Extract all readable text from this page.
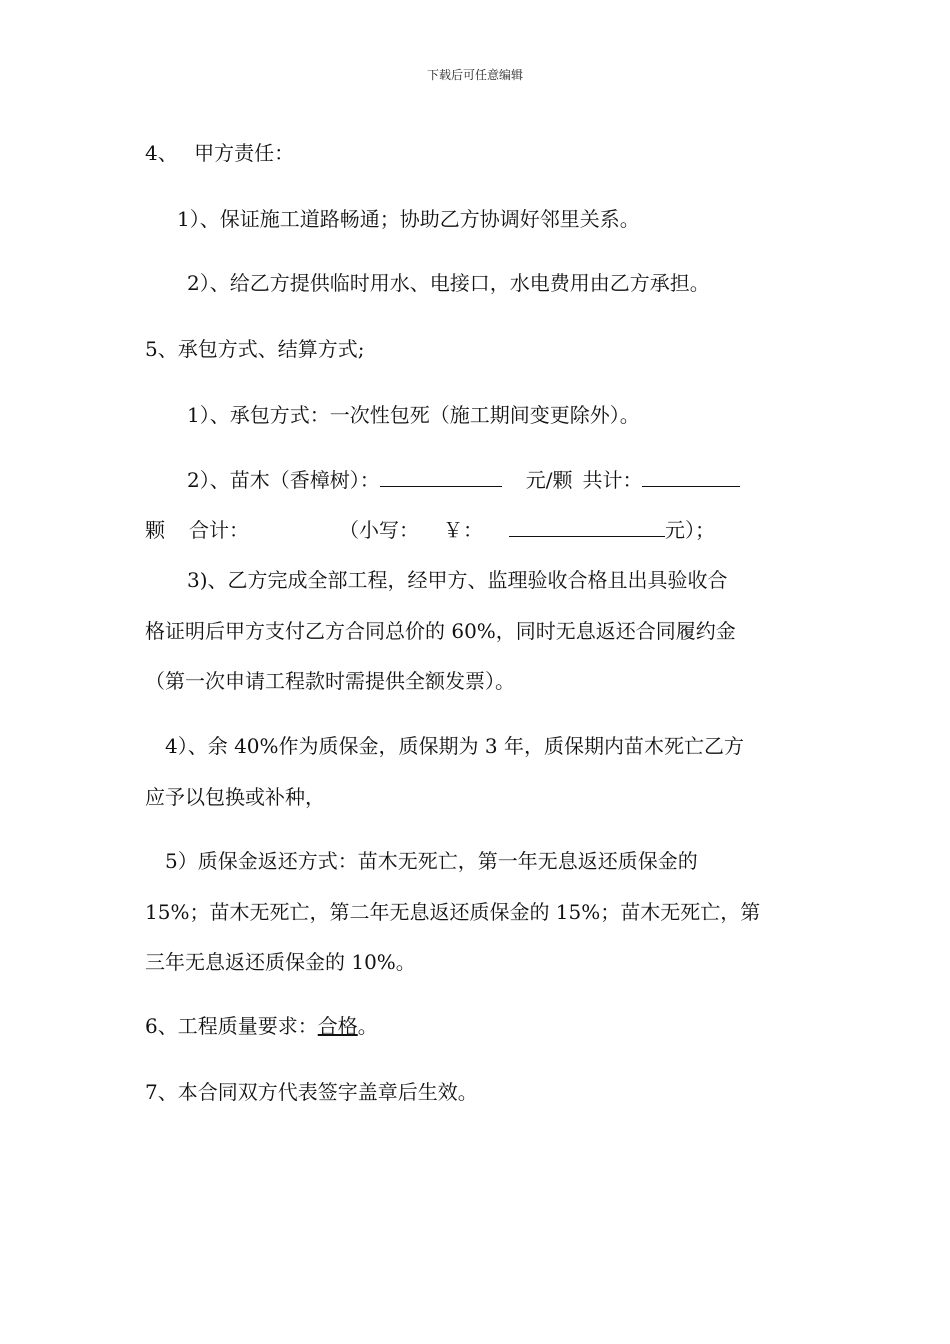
下载后可任意编辑
4、　 甲方责任：
1）、保证施工道路畅通；协助乙方协调好邻里关系。
2）、给乙方提供临时用水、电接口，水电费用由乙方承担。
5、承包方式、结算方式;
1）、承包方式：一次性包死（施工期间变更除外）。
2）、苗木（香樟树）：	元/颗 共计：
颗 合计：	（小写： ￥：	元）；
3)、乙方完成全部工程，经甲方、监理验收合格且出具验收合
格证明后甲方支付乙方合同总价的 60%，同时无息返还合同履约金
（第一次申请工程款时需提供全额发票）。
4）、余 40%作为质保金，质保期为 3 年，质保期内苗木死亡乙方
应予以包换或补种，
5）质保金返还方式：苗木无死亡，第一年无息返还质保金的
15%；苗木无死亡，第二年无息返还质保金的 15%；苗木无死亡，第
三年无息返还质保金的 10%。
6、工程质量要求：合格。
7、本合同双方代表签字盖章后生效。
